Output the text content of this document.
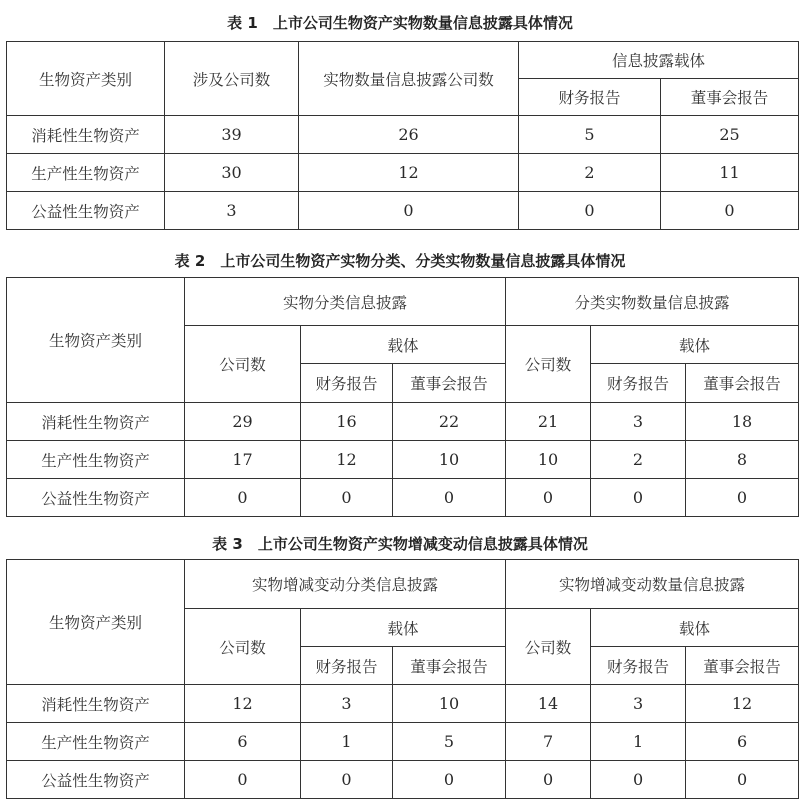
表 1　上市公司生物资产实物数量信息披露具体情况
生物资产类别	涉及公司数	实物数量信息披露公司数	信息披露载体	
			财务报告	董事会报告
消耗性生物资产	39	26	5	25
生产性生物资产	30	12	2	11
公益性生物资产	3	0	0	0
表 2　上市公司生物资产实物分类、分类实物数量信息披露具体情况
生物资产类别	实物分类信息披露			分类实物数量信息披露		
	公司数	载体		公司数	载体	
		财务报告	董事会报告		财务报告	董事会报告
消耗性生物资产	29	16	22	21	3	18
生产性生物资产	17	12	10	10	2	8
公益性生物资产	0	0	0	0	0	0
表 3　上市公司生物资产实物增减变动信息披露具体情况
生物资产类别	实物增减变动分类信息披露			实物增减变动数量信息披露		
	公司数	载体		公司数	载体	
		财务报告	董事会报告		财务报告	董事会报告
消耗性生物资产	12	3	10	14	3	12
生产性生物资产	6	1	5	7	1	6
公益性生物资产	0	0	0	0	0	0
